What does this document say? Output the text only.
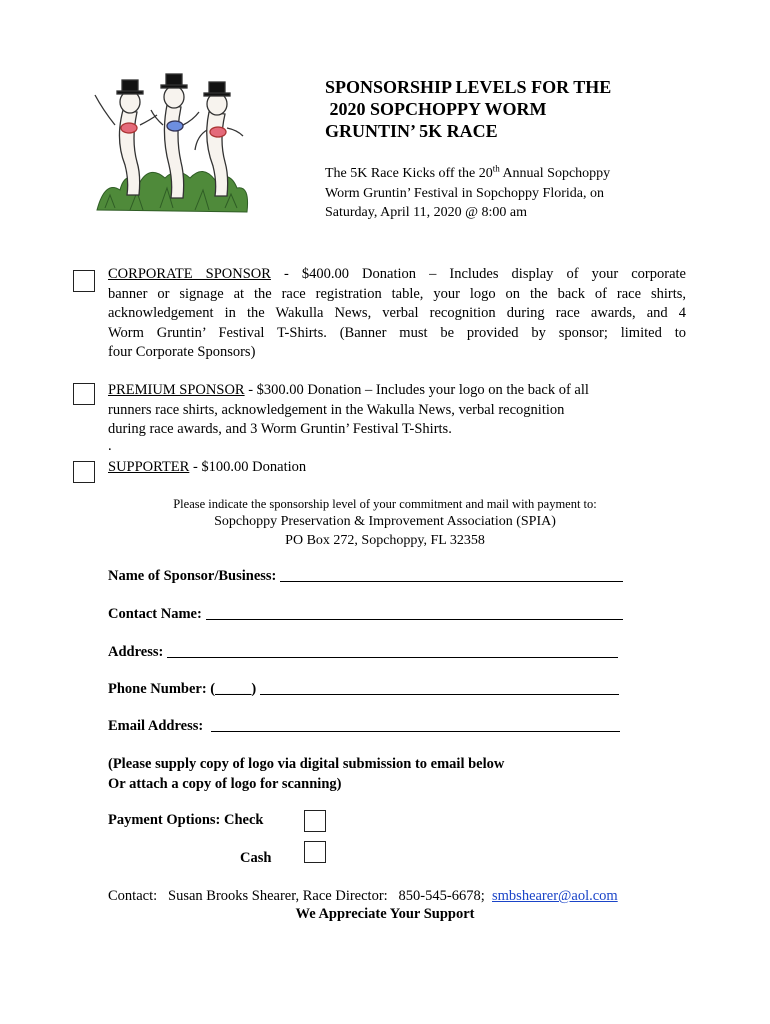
SPONSORSHIP LEVELS FOR THE
2020 SOPCHOPPY WORM
GRUNTIN’ 5K RACE
The 5K Race Kicks off the 20th Annual Sopchoppy
Worm Gruntin’ Festival in Sopchoppy Florida, on
Saturday, April 11, 2020 @ 8:00 am
CORPORATE SPONSOR - $400.00 Donation – Includes display of your corporate
banner or signage at the race registration table, your logo on the back of race shirts,
acknowledgement in the Wakulla News, verbal recognition during race awards, and 4
Worm Gruntin’ Festival T-Shirts. (Banner must be provided by sponsor; limited to
four Corporate Sponsors)
PREMIUM SPONSOR - $300.00 Donation – Includes your logo on the back of all
runners race shirts, acknowledgement in the Wakulla News, verbal recognition
during race awards, and 3 Worm Gruntin’ Festival T-Shirts.
.
SUPPORTER - $100.00 Donation
Please indicate the sponsorship level of your commitment and mail with payment to:
Sopchoppy Preservation & Improvement Association (SPIA)
PO Box 272, Sopchoppy, FL 32358
Name of Sponsor/Business:
Contact Name:
Address:
Phone Number: (_____)
Email Address:
(Please supply copy of logo via digital submission to email below
Or attach a copy of logo for scanning)
Payment Options: Check
Cash
Contact:   Susan Brooks Shearer, Race Director:   850-545-6678;  smbshearer@aol.com
We Appreciate Your Support
